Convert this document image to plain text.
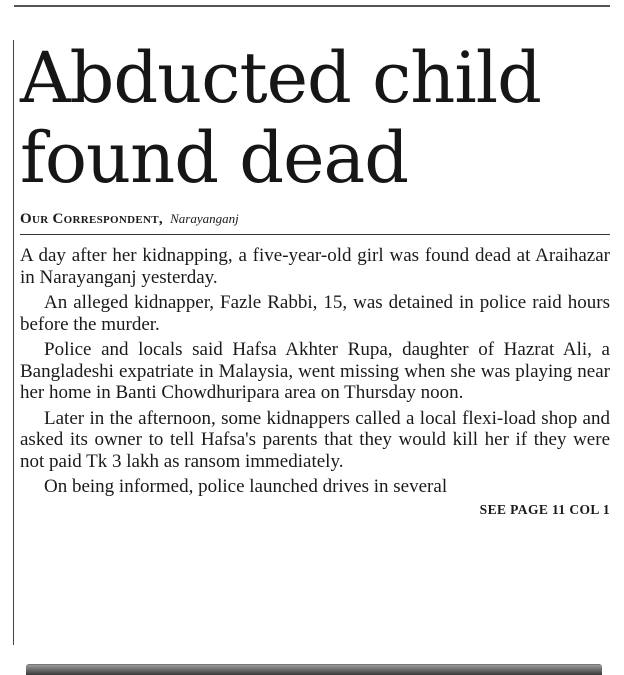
Abducted child
found dead
Our Correspondent, Narayanganj

A day after her kidnapping, a five-year-old girl was found dead at Araihazar in Narayanganj yesterday.

An alleged kidnapper, Fazle Rabbi, 15, was detained in police raid hours before the murder.

Police and locals said Hafsa Akhter Rupa, daughter of Hazrat Ali, a Bangladeshi expatriate in Malaysia, went missing when she was playing near her home in Banti Chowdhuripara area on Thursday noon.

Later in the afternoon, some kidnappers called a local flexi-load shop and asked its owner to tell Hafsa's parents that they would kill her if they were not paid Tk 3 lakh as ransom immediately.

On being informed, police launched drives in several

SEE PAGE 11 COL 1
